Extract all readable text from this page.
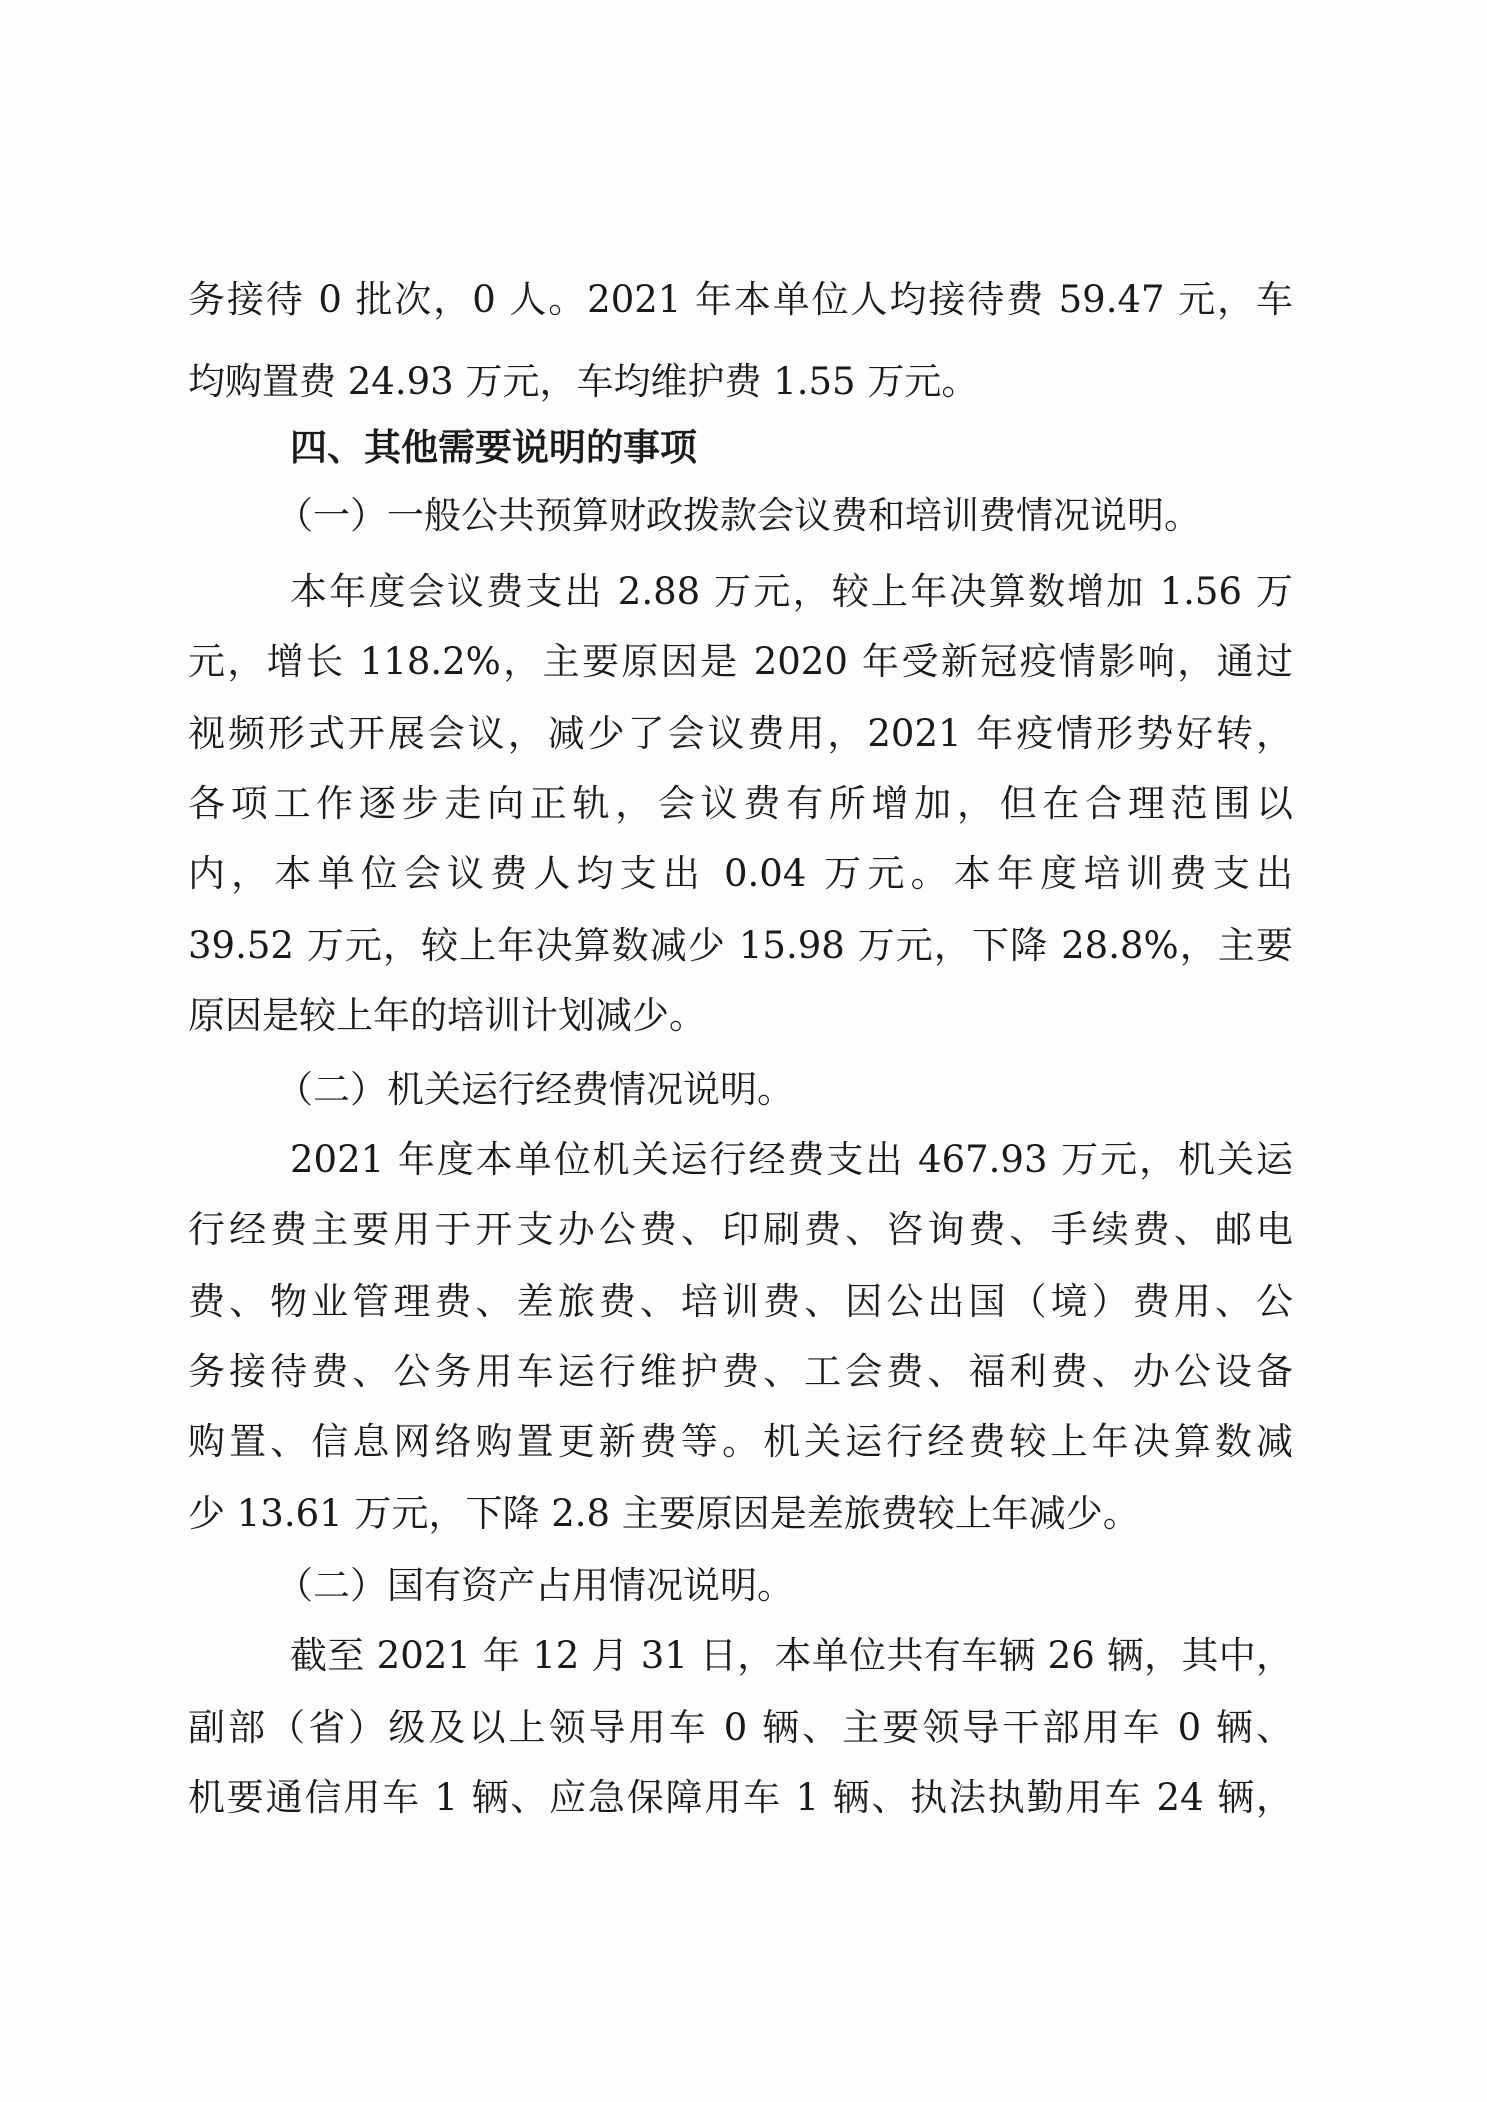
务接待 0 批次，0 人。2021 年本单位人均接待费 59.47 元，车
均购置费 24.93 万元，车均维护费 1.55 万元。
四、其他需要说明的事项
（一）一般公共预算财政拨款会议费和培训费情况说明。
本年度会议费支出 2.88 万元，较上年决算数增加 1.56 万
元，增长 118.2%，主要原因是 2020 年受新冠疫情影响，通过
视频形式开展会议，减少了会议费用，2021 年疫情形势好转，
各项工作逐步走向正轨，会议费有所增加，但在合理范围以
内，本单位会议费人均支出 0.04 万元。本年度培训费支出
39.52 万元，较上年决算数减少 15.98 万元，下降 28.8%，主要
原因是较上年的培训计划减少。
（二）机关运行经费情况说明。
2021 年度本单位机关运行经费支出 467.93 万元，机关运
行经费主要用于开支办公费、印刷费、咨询费、手续费、邮电
费、物业管理费、差旅费、培训费、因公出国（境）费用、公
务接待费、公务用车运行维护费、工会费、福利费、办公设备
购置、信息网络购置更新费等。机关运行经费较上年决算数减
少 13.61 万元，下降 2.8 主要原因是差旅费较上年减少。
（二）国有资产占用情况说明。
截至 2021 年 12 月 31 日，本单位共有车辆 26 辆，其中，
副部（省）级及以上领导用车 0 辆、主要领导干部用车 0 辆、
机要通信用车 1 辆、应急保障用车 1 辆、执法执勤用车 24 辆，
